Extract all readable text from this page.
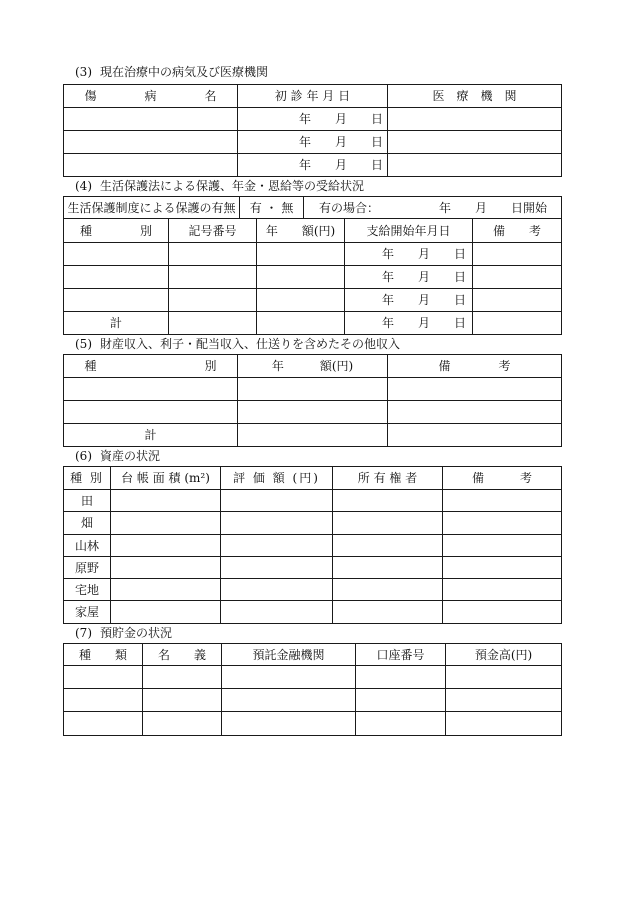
(3) 現在治療中の病気及び医療機関
傷　　　　病　　　　名	初 診 年 月 日	医　療　機　関
	年　　月　　日	
	年　　月　　日	
	年　　月　　日	
(4) 生活保護法による保護、年金・恩給等の受給状況
生活保護制度による保護の有無		有 ・ 無		有の場合： 年　　月　　日開始		
種　　　　別	記号番号		年　　額(円)		支給開始年月日	備　　考
					年　　月　　日	
					年　　月　　日	
					年　　月　　日	
計					年　　月　　日	
(5) 財産収入、利子・配当収入、仕送りを含めたその他収入
種　　　　　　　　　別	年　　　額(円)	備　　　　考

計		
(6) 資産の状況
種 別	台 帳 面 積 (m²)	評 価 額 (円)	所 有 権 者	備　　　考
田				
畑				
山林				
原野				
宅地				
家屋				
(7) 預貯金の状況
種　　類	名　　義	預託金融機関	口座番号	預金高(円)
